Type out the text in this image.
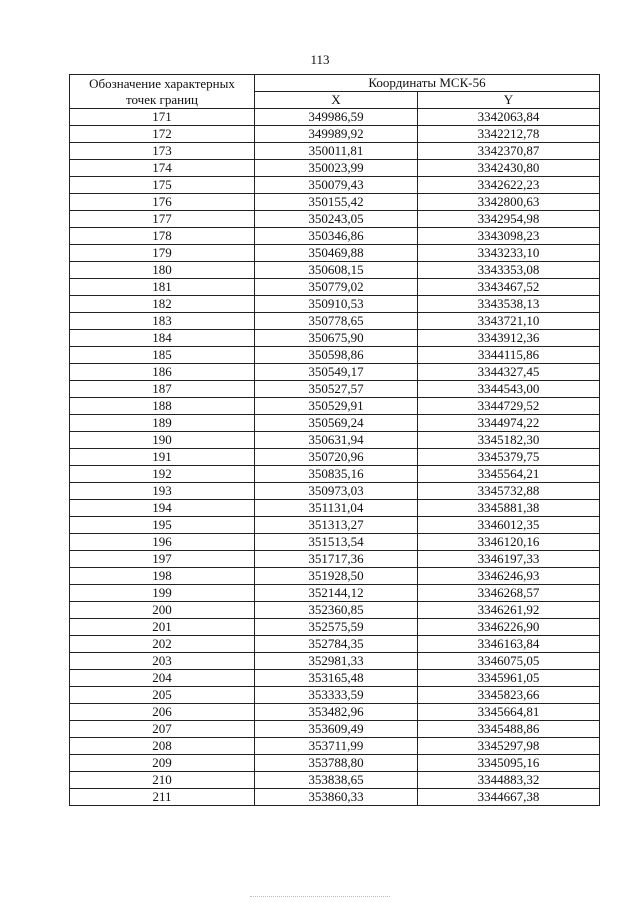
113
Обозначение характерных
точек границ	Координаты МСК-56	
	X	Y
171	349986,59	3342063,84
172	349989,92	3342212,78
173	350011,81	3342370,87
174	350023,99	3342430,80
175	350079,43	3342622,23
176	350155,42	3342800,63
177	350243,05	3342954,98
178	350346,86	3343098,23
179	350469,88	3343233,10
180	350608,15	3343353,08
181	350779,02	3343467,52
182	350910,53	3343538,13
183	350778,65	3343721,10
184	350675,90	3343912,36
185	350598,86	3344115,86
186	350549,17	3344327,45
187	350527,57	3344543,00
188	350529,91	3344729,52
189	350569,24	3344974,22
190	350631,94	3345182,30
191	350720,96	3345379,75
192	350835,16	3345564,21
193	350973,03	3345732,88
194	351131,04	3345881,38
195	351313,27	3346012,35
196	351513,54	3346120,16
197	351717,36	3346197,33
198	351928,50	3346246,93
199	352144,12	3346268,57
200	352360,85	3346261,92
201	352575,59	3346226,90
202	352784,35	3346163,84
203	352981,33	3346075,05
204	353165,48	3345961,05
205	353333,59	3345823,66
206	353482,96	3345664,81
207	353609,49	3345488,86
208	353711,99	3345297,98
209	353788,80	3345095,16
210	353838,65	3344883,32
211	353860,33	3344667,38
